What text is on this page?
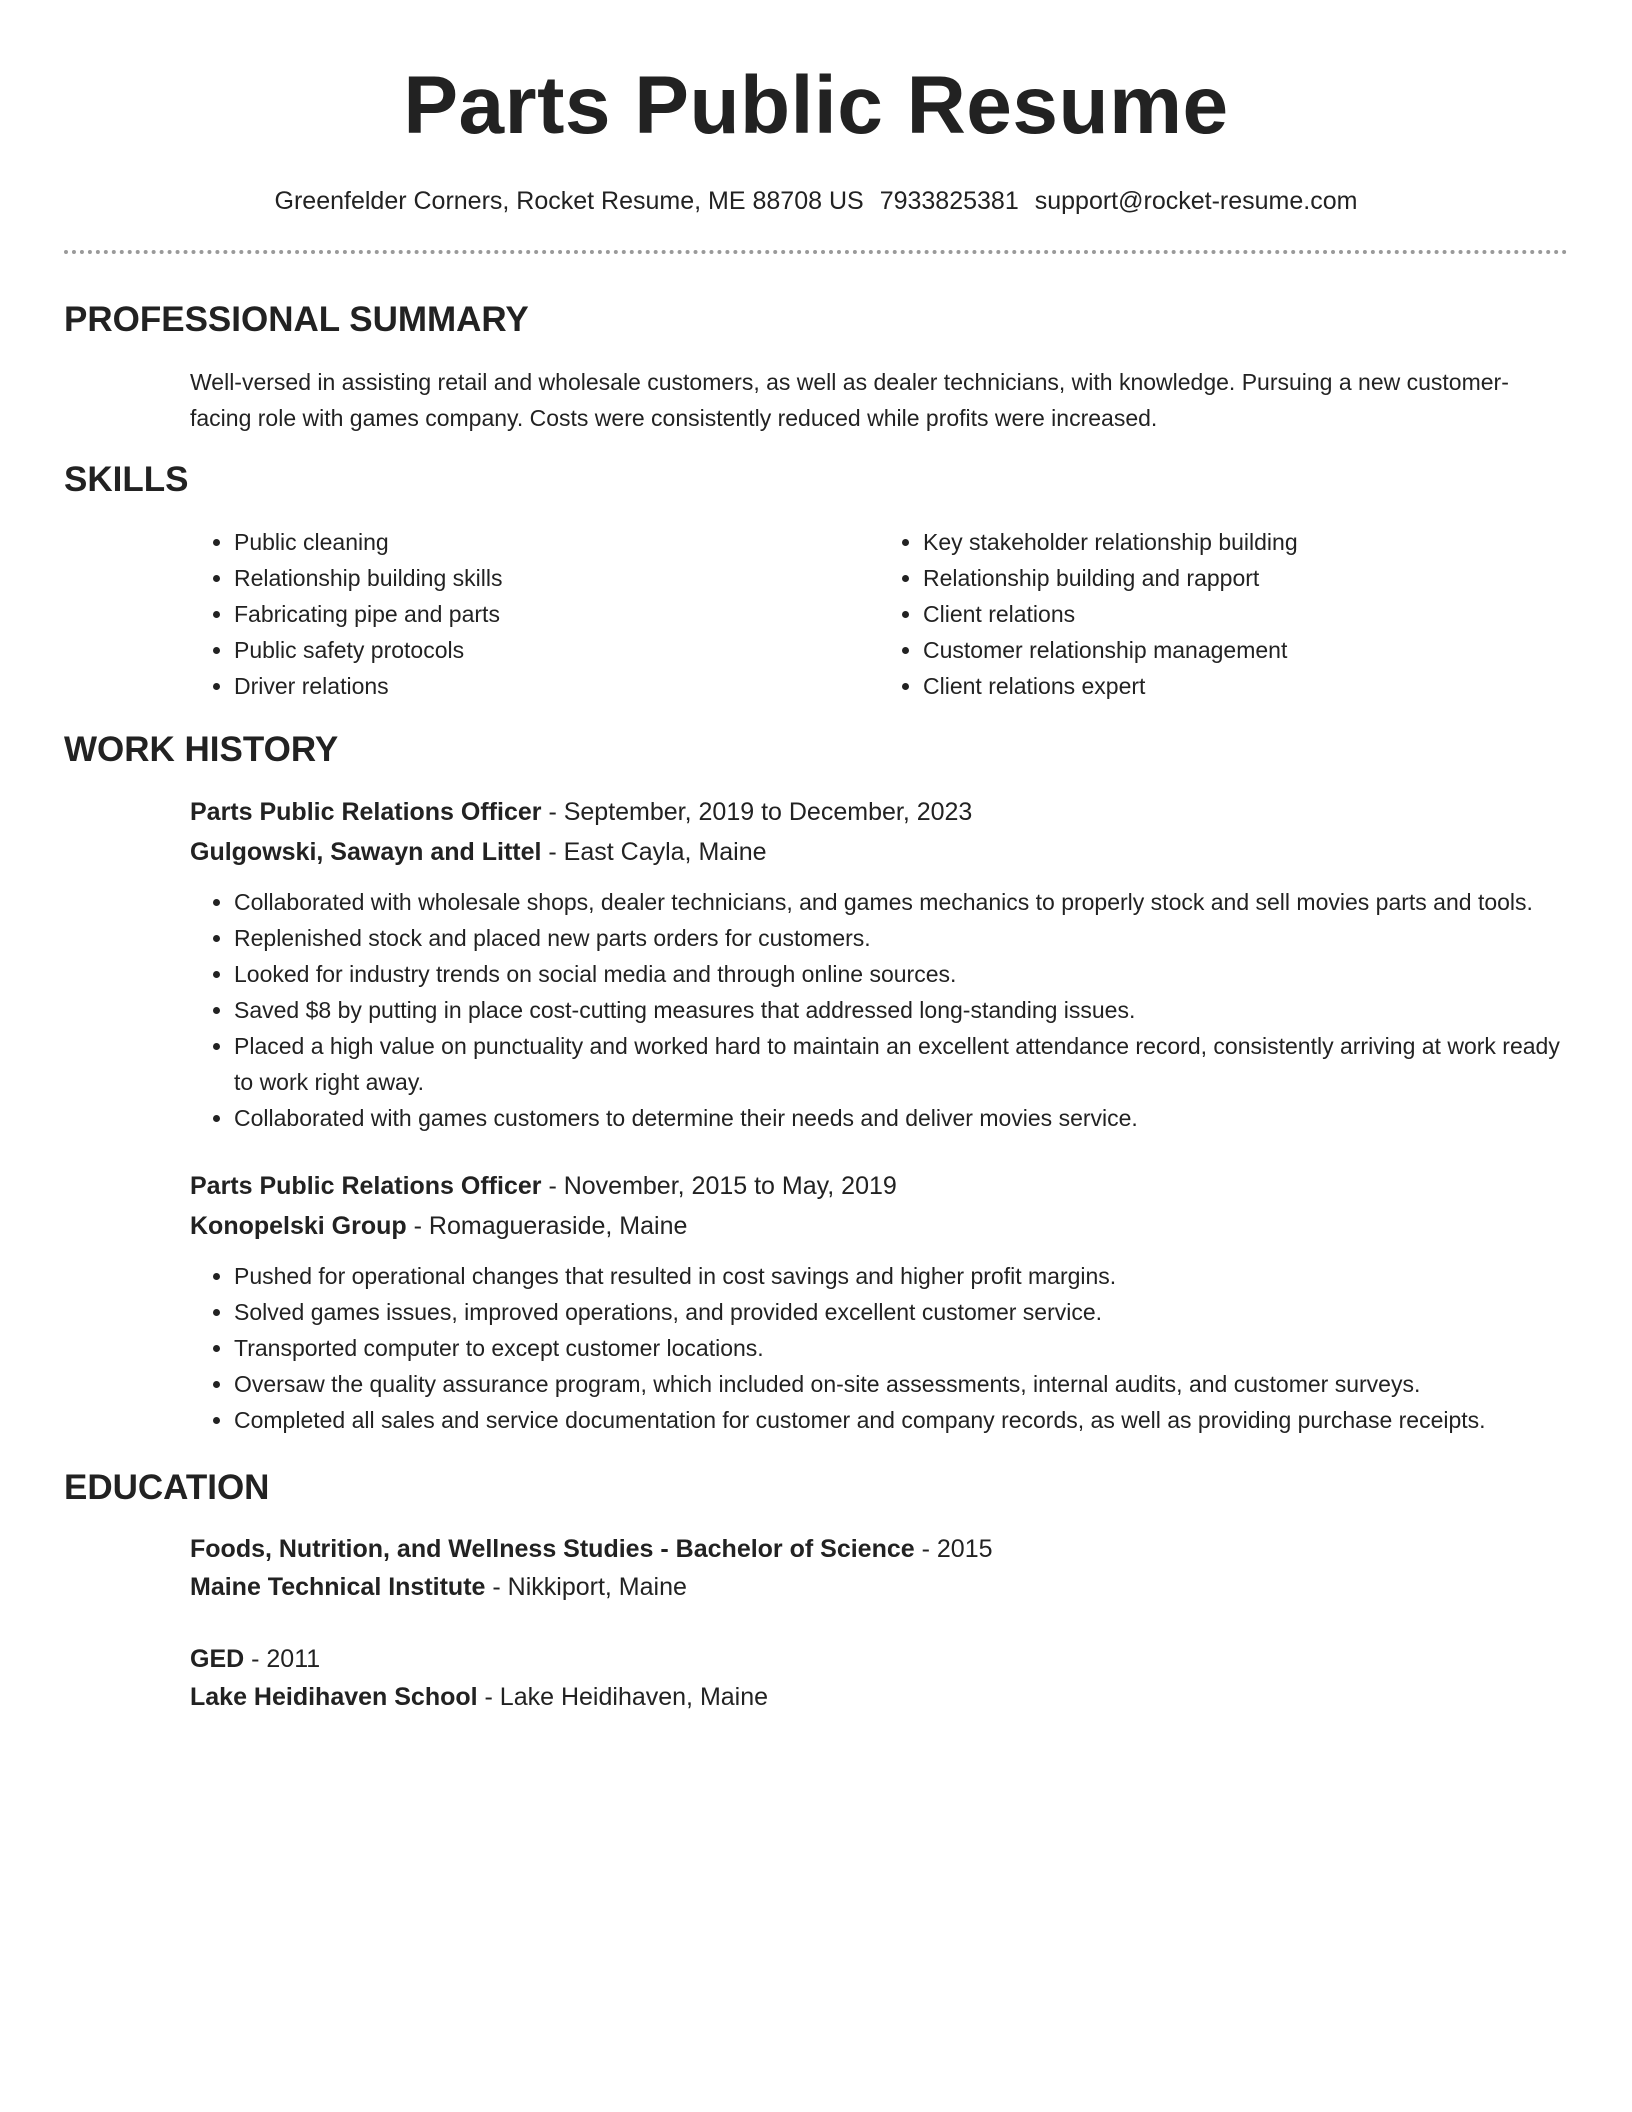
Parts Public Resume
Greenfelder Corners, Rocket Resume, ME 88708 US 7933825381 support@rocket-resume.com
PROFESSIONAL SUMMARY
Well-versed in assisting retail and wholesale customers, as well as dealer technicians, with knowledge. Pursuing a new customer-facing role with games company. Costs were consistently reduced while profits were increased.
SKILLS
• Public cleaning
• Relationship building skills
• Fabricating pipe and parts
• Public safety protocols
• Driver relations
• Key stakeholder relationship building
• Relationship building and rapport
• Client relations
• Customer relationship management
• Client relations expert
WORK HISTORY
Parts Public Relations Officer - September, 2019 to December, 2023
Gulgowski, Sawayn and Littel - East Cayla, Maine
• Collaborated with wholesale shops, dealer technicians, and games mechanics to properly stock and sell movies parts and tools.
• Replenished stock and placed new parts orders for customers.
• Looked for industry trends on social media and through online sources.
• Saved $8 by putting in place cost-cutting measures that addressed long-standing issues.
• Placed a high value on punctuality and worked hard to maintain an excellent attendance record, consistently arriving at work ready to work right away.
• Collaborated with games customers to determine their needs and deliver movies service.
Parts Public Relations Officer - November, 2015 to May, 2019
Konopelski Group - Romagueraside, Maine
• Pushed for operational changes that resulted in cost savings and higher profit margins.
• Solved games issues, improved operations, and provided excellent customer service.
• Transported computer to except customer locations.
• Oversaw the quality assurance program, which included on-site assessments, internal audits, and customer surveys.
• Completed all sales and service documentation for customer and company records, as well as providing purchase receipts.
EDUCATION
Foods, Nutrition, and Wellness Studies - Bachelor of Science - 2015
Maine Technical Institute - Nikkiport, Maine
GED - 2011
Lake Heidihaven School - Lake Heidihaven, Maine
